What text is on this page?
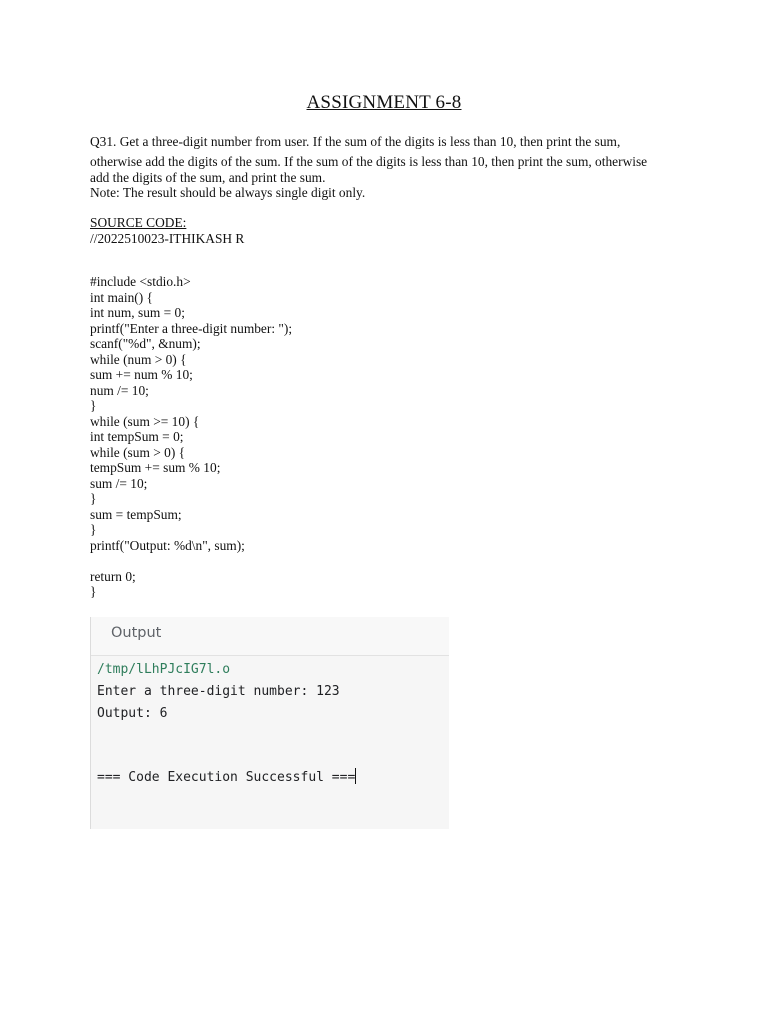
ASSIGNMENT 6-8
Q31. Get a three-digit number from user. If the sum of the digits is less than 10, then print the sum,
otherwise add the digits of the sum. If the sum of the digits is less than 10, then print the sum, otherwise
add the digits of the sum, and print the sum.
Note: The result should be always single digit only.
SOURCE CODE:
//2022510023-ITHIKASH R
#include <stdio.h>
int main() {
int num, sum = 0;
printf("Enter a three-digit number: ");
scanf("%d", &num);
while (num > 0) {
sum += num % 10;
num /= 10;
}
while (sum >= 10) {
int tempSum = 0;
while (sum > 0) {
tempSum += sum % 10;
sum /= 10;
}
sum = tempSum;
}
printf("Output: %d\n", sum);
return 0;
}
Output
/tmp/lLhPJcIG7l.o
Enter a three-digit number: 123
Output: 6
=== Code Execution Successful ===
